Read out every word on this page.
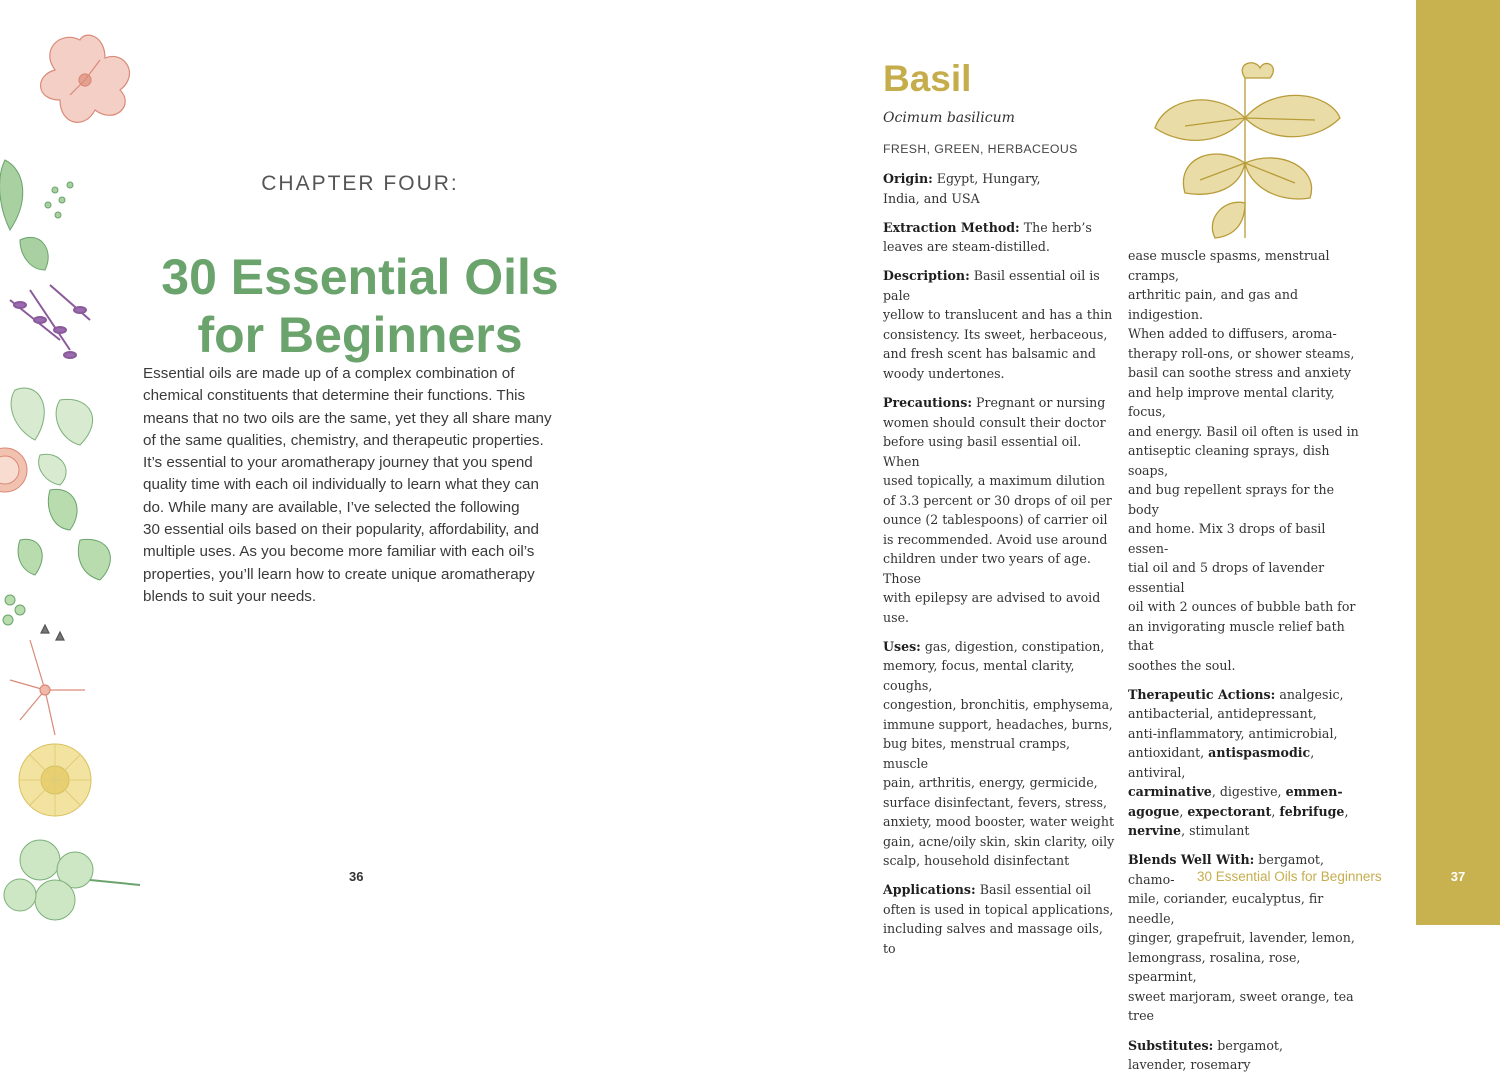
CHAPTER FOUR:
30 Essential Oils
for Beginners

Essential oils are made up of a complex combination of
chemical constituents that determine their functions. This
means that no two oils are the same, yet they all share many
of the same qualities, chemistry, and therapeutic properties.
It’s essential to your aromatherapy journey that you spend
quality time with each oil individually to learn what they can
do. While many are available, I’ve selected the following
30 essential oils based on their popularity, affordability, and
multiple uses. As you become more familiar with each oil’s
properties, you’ll learn how to create unique aromatherapy
blends to suit your needs.

36
Basil
Ocimum basilicum
FRESH, GREEN, HERBACEOUS

Origin: Egypt, Hungary,
India, and USA

Extraction Method: The herb’s
leaves are steam-distilled.

Description: Basil essential oil is pale
yellow to translucent and has a thin
consistency. Its sweet, herbaceous,
and fresh scent has balsamic and
woody undertones.

Precautions: Pregnant or nursing
women should consult their doctor
before using basil essential oil. When
used topically, a maximum dilution
of 3.3 percent or 30 drops of oil per
ounce (2 tablespoons) of carrier oil
is recommended. Avoid use around
children under two years of age. Those
with epilepsy are advised to avoid use.

Uses: gas, digestion, constipation,
memory, focus, mental clarity, coughs,
congestion, bronchitis, emphysema,
immune support, headaches, burns,
bug bites, menstrual cramps, muscle
pain, arthritis, energy, germicide,
surface disinfectant, fevers, stress,
anxiety, mood booster, water weight
gain, acne/oily skin, skin clarity, oily
scalp, household disinfectant

Applications: Basil essential oil
often is used in topical applications,
including salves and massage oils, to

ease muscle spasms, menstrual cramps,
arthritic pain, and gas and indigestion.
When added to diffusers, aroma-
therapy roll-ons, or shower steams,
basil can soothe stress and anxiety
and help improve mental clarity, focus,
and energy. Basil oil often is used in
antiseptic cleaning sprays, dish soaps,
and bug repellent sprays for the body
and home. Mix 3 drops of basil essen-
tial oil and 5 drops of lavender essential
oil with 2 ounces of bubble bath for
an invigorating muscle relief bath that
soothes the soul.

Therapeutic Actions: analgesic,
antibacterial, antidepressant,
anti-inflammatory, antimicrobial,
antioxidant, antispasmodic, antiviral,
carminative, digestive, emmen-
agogue, expectorant, febrifuge,
nervine, stimulant

Blends Well With: bergamot, chamo-
mile, coriander, eucalyptus, fir needle,
ginger, grapefruit, lavender, lemon,
lemongrass, rosalina, rose, spearmint,
sweet marjoram, sweet orange, tea tree

Substitutes: bergamot,
lavender, rosemary

30 Essential Oils for Beginners	37
